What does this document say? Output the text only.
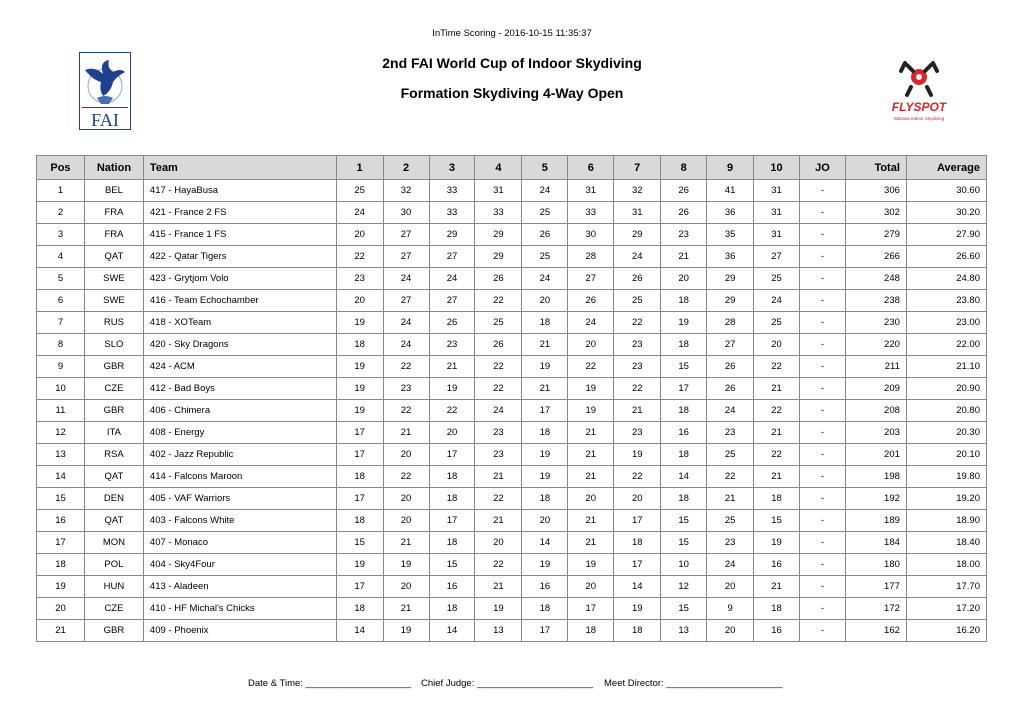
InTime Scoring - 2016-10-15 11:35:37
2nd FAI World Cup of Indoor Skydiving
Formation Skydiving 4-Way Open
FAI
FLYSPOT
Warsaw Indoor Skydiving
Pos	Nation	Team	1	2	3	4	5	6	7	8	9	10	JO	Total	Average
1	BEL	417 - HayaBusa	25	32	33	31	24	31	32	26	41	31	-	306	30.60
2	FRA	421 - France 2 FS	24	30	33	33	25	33	31	26	36	31	-	302	30.20
3	FRA	415 - France 1 FS	20	27	29	29	26	30	29	23	35	31	-	279	27.90
4	QAT	422 - Qatar Tigers	22	27	27	29	25	28	24	21	36	27	-	266	26.60
5	SWE	423 - Grytjom Volo	23	24	24	26	24	27	26	20	29	25	-	248	24.80
6	SWE	416 - Team Echochamber	20	27	27	22	20	26	25	18	29	24	-	238	23.80
7	RUS	418 - XOTeam	19	24	26	25	18	24	22	19	28	25	-	230	23.00
8	SLO	420 - Sky Dragons	18	24	23	26	21	20	23	18	27	20	-	220	22.00
9	GBR	424 - ACM	19	22	21	22	19	22	23	15	26	22	-	211	21.10
10	CZE	412 - Bad Boys	19	23	19	22	21	19	22	17	26	21	-	209	20.90
11	GBR	406 - Chimera	19	22	22	24	17	19	21	18	24	22	-	208	20.80
12	ITA	408 - Energy	17	21	20	23	18	21	23	16	23	21	-	203	20.30
13	RSA	402 - Jazz Republic	17	20	17	23	19	21	19	18	25	22	-	201	20.10
14	QAT	414 - Falcons Maroon	18	22	18	21	19	21	22	14	22	21	-	198	19.80
15	DEN	405 - VAF Warriors	17	20	18	22	18	20	20	18	21	18	-	192	19.20
16	QAT	403 - Falcons White	18	20	17	21	20	21	17	15	25	15	-	189	18.90
17	MON	407 - Monaco	15	21	18	20	14	21	18	15	23	19	-	184	18.40
18	POL	404 - Sky4Four	19	19	15	22	19	19	17	10	24	16	-	180	18.00
19	HUN	413 - Aladeen	17	20	16	21	16	20	14	12	20	21	-	177	17.70
20	CZE	410 - HF Michal's Chicks	18	21	18	19	18	17	19	15	9	18	-	172	17.20
21	GBR	409 - Phoenix	14	19	14	13	17	18	18	13	20	16	-	162	16.20
Date & Time: ____________________ Chief Judge: ______________________ Meet Director: ______________________
